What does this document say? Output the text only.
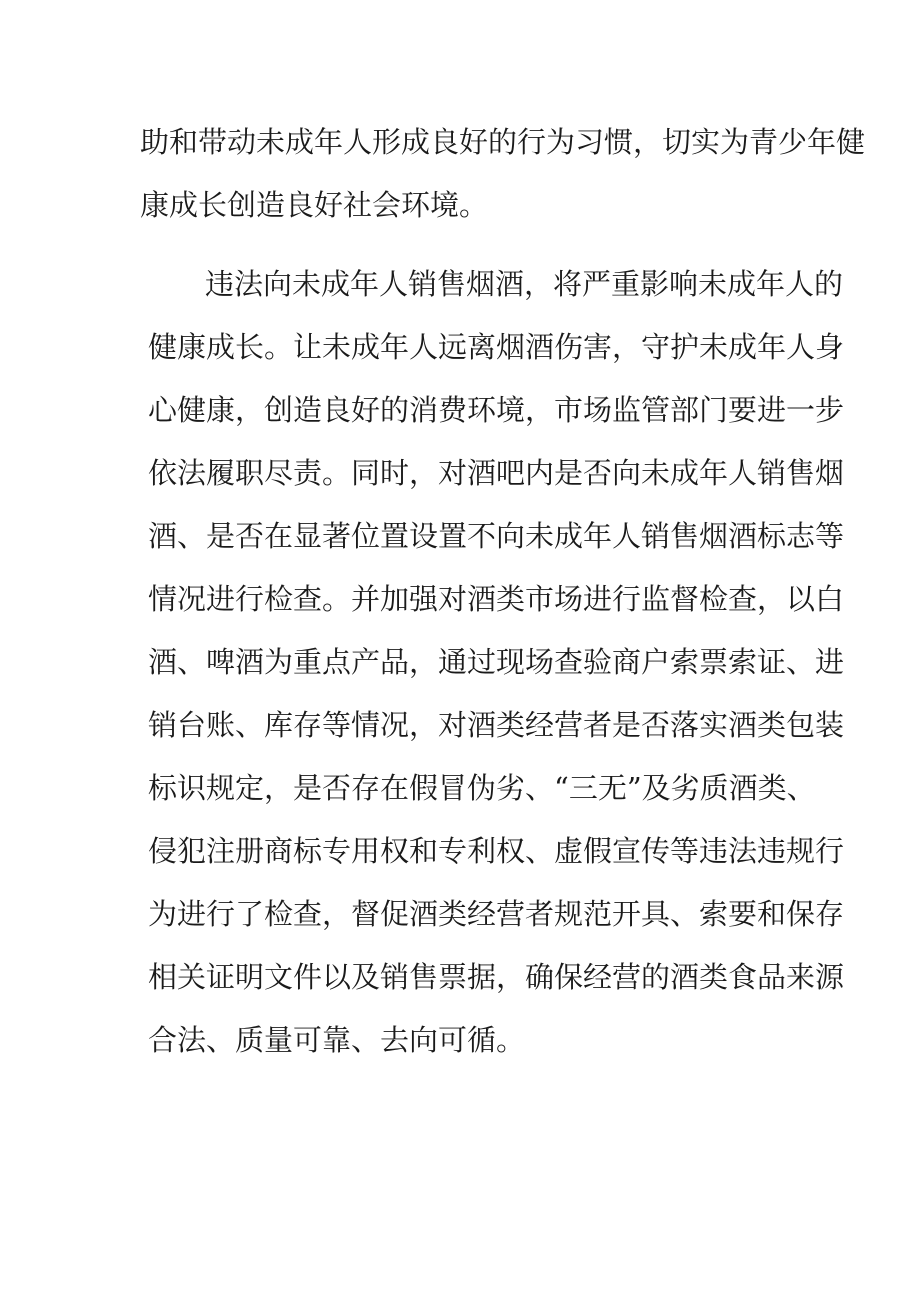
助和带动未成年人形成良好的行为习惯，切实为青少年健

康成长创造良好社会环境。

违法向未成年人销售烟酒，将严重影响未成年人的

健康成长。让未成年人远离烟酒伤害，守护未成年人身

心健康，创造良好的消费环境，市场监管部门要进一步

依法履职尽责。同时，对酒吧内是否向未成年人销售烟

酒、是否在显著位置设置不向未成年人销售烟酒标志等

情况进行检查。并加强对酒类市场进行监督检查，以白

酒、啤酒为重点产品，通过现场查验商户索票索证、进

销台账、库存等情况，对酒类经营者是否落实酒类包装

标识规定，是否存在假冒伪劣、“三无”及劣质酒类、

侵犯注册商标专用权和专利权、虚假宣传等违法违规行

为进行了检查，督促酒类经营者规范开具、索要和保存

相关证明文件以及销售票据，确保经营的酒类食品来源

合法、质量可靠、去向可循。
